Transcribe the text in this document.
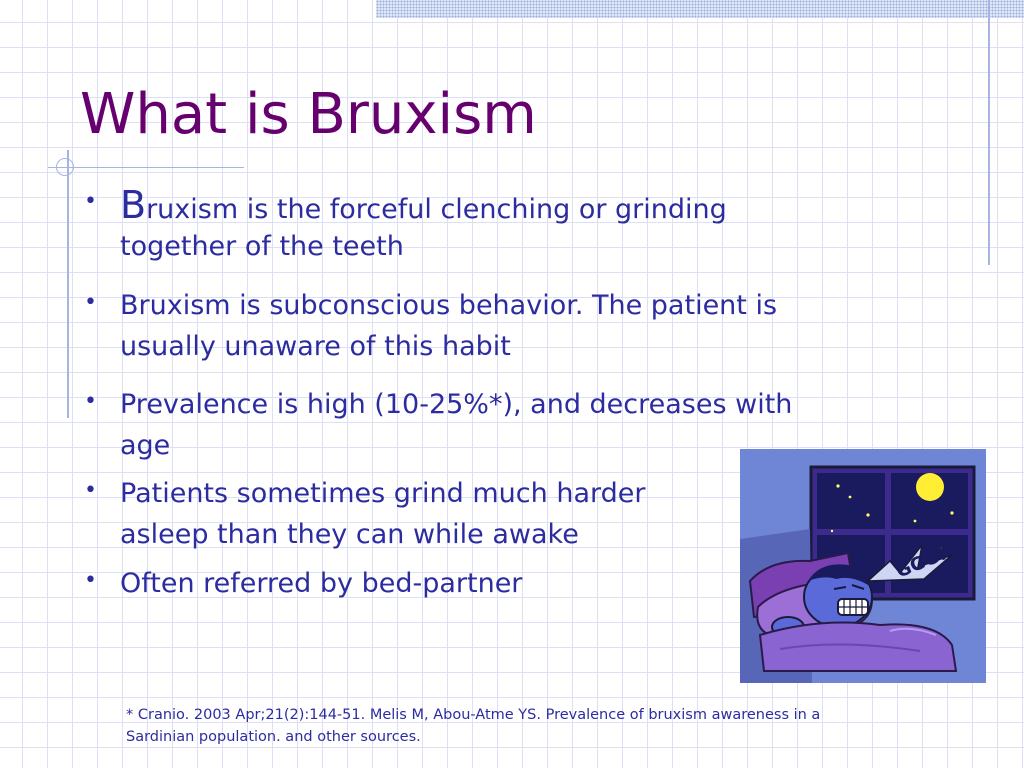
What is Bruxism
• Bruxism is the forceful clenching or grinding
together of the teeth
• Bruxism is subconscious behavior. The patient is
usually unaware of this habit
• Prevalence is high (10-25%*), and decreases with
age
• Patients sometimes grind much harder
asleep than they can while awake
• Often referred by bed-partner
GGG!
* Cranio. 2003 Apr;21(2):144-51. Melis M, Abou-Atme YS. Prevalence of bruxism awareness in a
Sardinian population. and other sources.
